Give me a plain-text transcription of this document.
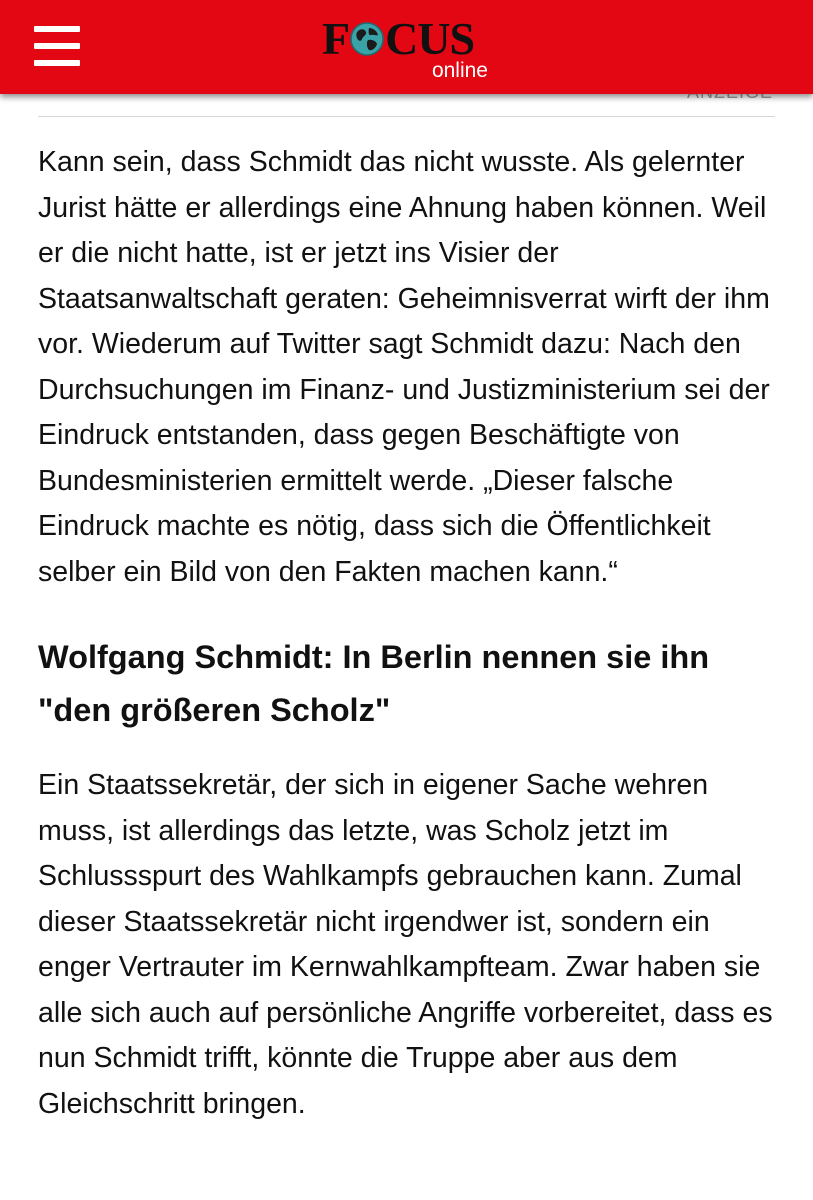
F CUS
online

Kann sein, dass Schmidt das nicht wusste. Als gelernter Jurist hätte er allerdings eine Ahnung haben können. Weil er die nicht hatte, ist er jetzt ins Visier der Staatsanwaltschaft geraten: Geheimnisverrat wirft der ihm vor. Wiederum auf Twitter sagt Schmidt dazu: Nach den Durchsuchungen im Finanz- und Justizministerium sei der Eindruck entstanden, dass gegen Beschäftigte von Bundesministerien ermittelt werde. „Dieser falsche Eindruck machte es nötig, dass sich die Öffentlichkeit selber ein Bild von den Fakten machen kann.“

Wolfgang Schmidt: In Berlin nennen sie ihn "den größeren Scholz"

Ein Staatssekretär, der sich in eigener Sache wehren muss, ist allerdings das letzte, was Scholz jetzt im Schlussspurt des Wahlkampfs gebrauchen kann. Zumal dieser Staatssekretär nicht irgendwer ist, sondern ein enger Vertrauter im Kernwahlkampfteam. Zwar haben sie alle sich auch auf persönliche Angriffe vorbereitet, dass es nun Schmidt trifft, könnte die Truppe aber aus dem Gleichschritt bringen.
